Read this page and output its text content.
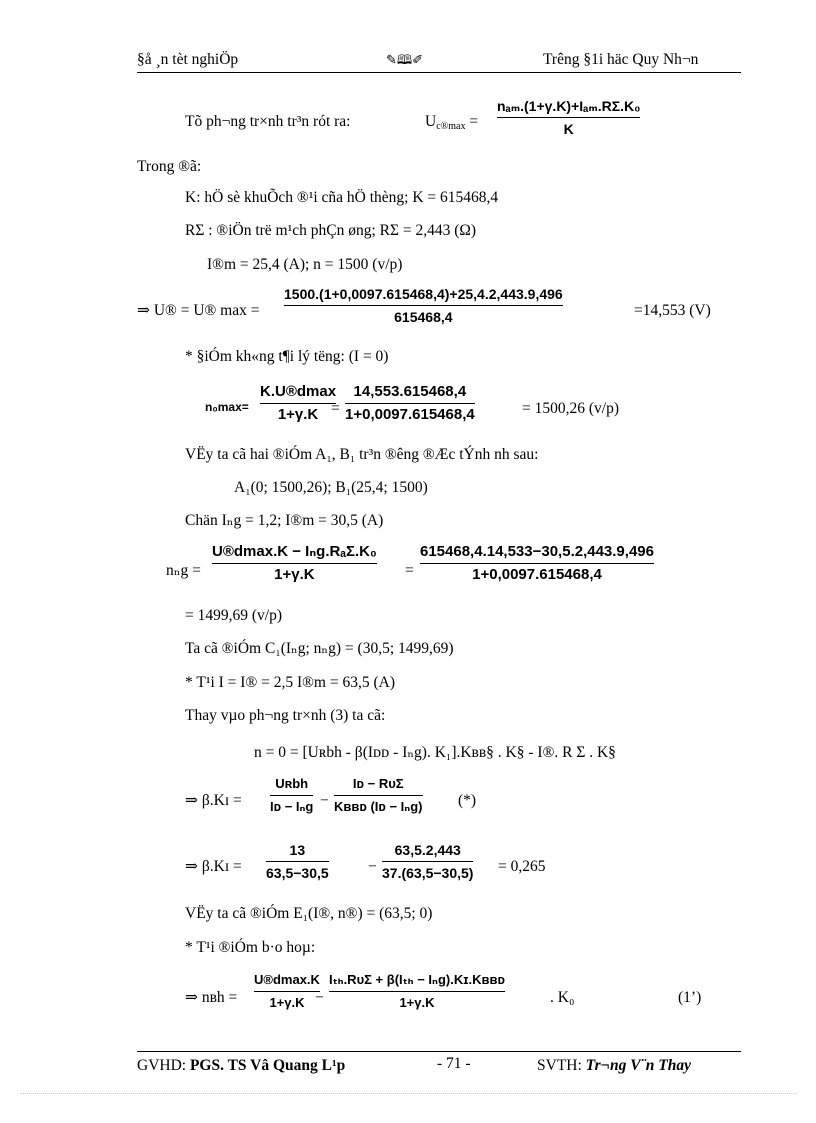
§å ¸n tèt nghiÖp	✎🕮✐	Trêng §1i häc Quy Nh¬n
Tõ ph¬ng tr×nh tr³n rót ra:	$U_{c®max}$ =
nₐₘ.(1+γ.K)+Iₐₘ.RΣ.K₀
K
Trong ®ã:
K: hÖ sè khuÕch ®¹i cña hÖ thèng; K = 615468,4
RΣ : ®iÖn trë m¹ch phÇn øng; RΣ = 2,443 (Ω)
I®m = 25,4 (A); n = 1500 (v/p)
⇒ U® = U® max =
1500.(1+0,0097.615468,4)+25,4.2,443.9,496
615468,4	=14,553 (V)
* §iÓm kh«ng t¶i lý tëng: (I = 0)
n₀max=
K.U®dmax
1+γ.K =
14,553.615468,4
1+0,0097.615468,4	= 1500,26 (v/p)
VËy ta cã hai ®iÓm A₁, B₁ tr³n ®êng ®Æc tÝnh nh sau:
A₁(0; 1500,26); B₁(25,4; 1500)
Chän Iₙg = 1,2; I®m = 30,5 (A)
nₙg =
U®dmax.K − Iₙg.RₐΣ.K₀
1+γ.K	=
615468,4.14,533−30,5.2,443.9,496
1+0,0097.615468,4
= 1499,69 (v/p)
Ta cã ®iÓm C₁(Iₙg; nₙg) = (30,5; 1499,69)
* T¹i I = I® = 2,5 I®m = 63,5 (A)
Thay vµo ph¬ng tr×nh (3) ta cã:
n = 0 = [Uʀbh - β(Iᴅᴅ - Iₙg). K₁].Kʙʙ§ . K§ - I®. R Σ . K§
⇒ β.Kɪ =
Uʀbh
Iᴅ − Iₙg −
Iᴅ − RᴜΣ
Kʙʙᴅ (Iᴅ − Iₙg) (*)
⇒ β.Kɪ =
13
63,5−30,5	−
63,5.2,443
37.(63,5−30,5) = 0,265
VËy ta cã ®iÓm E₁(I®, n®) = (63,5; 0)
* T¹i ®iÓm b·o hoµ:
⇒ nʙh =
U®dmax.K
1+γ.K −
Iₜₕ.RᴜΣ + β(Iₜₕ − Iₙg).Kɪ.Kʙʙᴅ
1+γ.K	. K₀	(1’)
GVHD: PGS. TS Vâ Quang L¹p	- 71 -	SVTH: Tr¬ng V¨n Thay
